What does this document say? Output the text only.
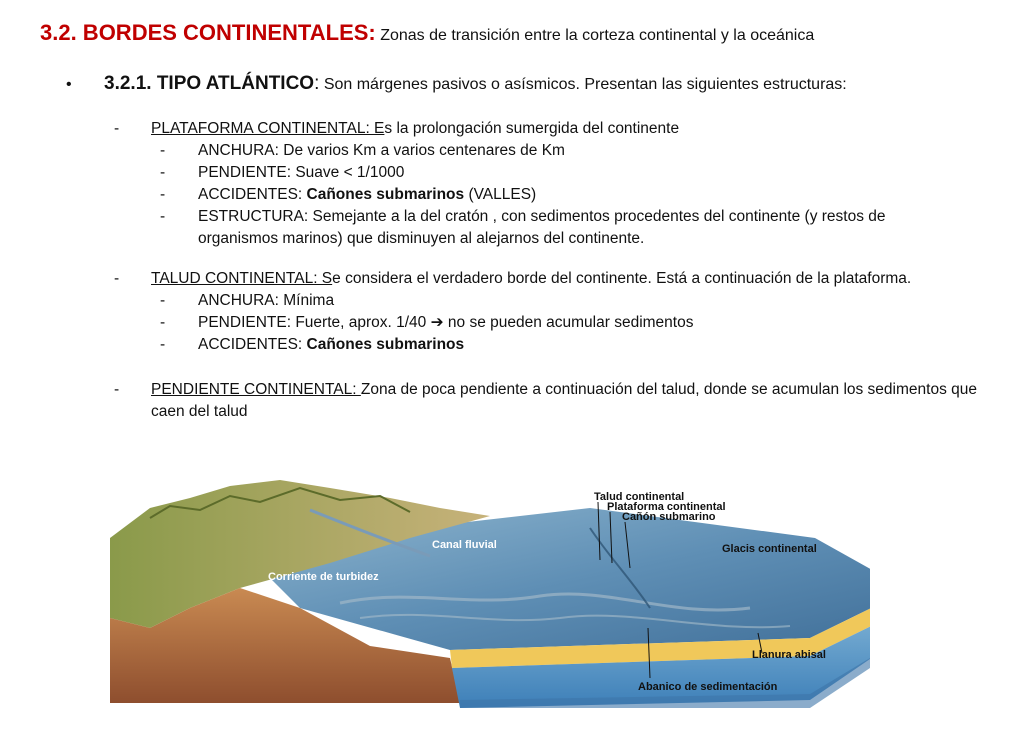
3.2. BORDES CONTINENTALES: Zonas de transición entre la corteza continental y la oceánica
• 3.2.1. TIPO ATLÁNTICO: Son márgenes pasivos o asísmicos. Presentan las siguientes estructuras:
- PLATAFORMA CONTINENTAL: Es la prolongación sumergida del continente
- ANCHURA: De varios Km a varios centenares de Km
- PENDIENTE: Suave < 1/1000
- ACCIDENTES: Cañones submarinos (VALLES)
- ESTRUCTURA: Semejante a la del cratón , con sedimentos procedentes del continente (y restos de organismos marinos) que disminuyen al alejarnos del continente.
- TALUD CONTINENTAL: Se considera el verdadero borde del continente. Está a continuación de la plataforma.
- ANCHURA: Mínima
- PENDIENTE: Fuerte, aprox. 1/40 ➔ no se pueden acumular sedimentos
- ACCIDENTES: Cañones submarinos
- PENDIENTE CONTINENTAL: Zona de poca pendiente a continuación del talud, donde se acumulan los sedimentos que caen del talud
Talud continental
Plataforma continental
Cañón submarino
Canal fluvial
Corriente de turbidez
Glacis continental
Llanura abisal
Abanico de sedimentación
